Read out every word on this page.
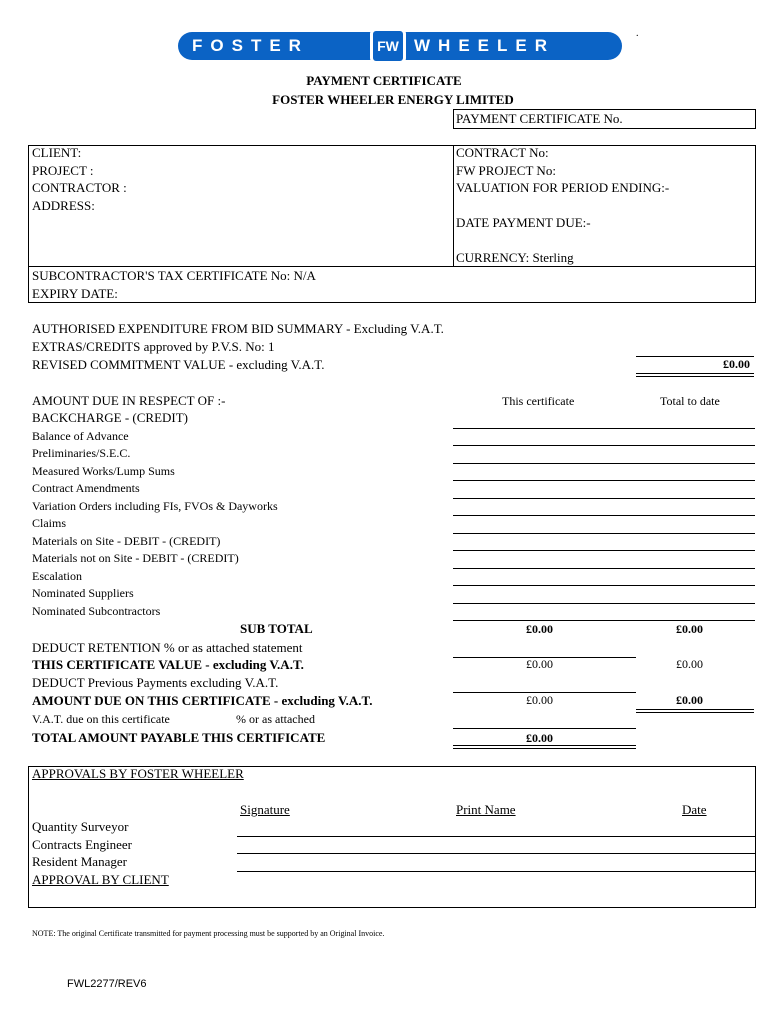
FOSTER	FW WHEELER
.
PAYMENT CERTIFICATE
FOSTER WHEELER ENERGY LIMITED
PAYMENT CERTIFICATE No.
CLIENT:
PROJECT :
CONTRACTOR :
ADDRESS:
CONTRACT No:
FW PROJECT No:
VALUATION FOR PERIOD ENDING:-
DATE PAYMENT DUE:-
CURRENCY: Sterling
SUBCONTRACTOR'S TAX CERTIFICATE No: N/A
EXPIRY DATE:
AUTHORISED EXPENDITURE FROM BID SUMMARY - Excluding V.A.T.
EXTRAS/CREDITS approved by P.V.S. No: 1
REVISED COMMITMENT VALUE - excluding V.A.T.	£0.00
AMOUNT DUE IN RESPECT OF :-	This certificate	Total to date
BACKCHARGE - (CREDIT)
Balance of Advance
Preliminaries/S.E.C.
Measured Works/Lump Sums
Contract Amendments
Variation Orders including FIs, FVOs & Dayworks
Claims
Materials on Site - DEBIT - (CREDIT)
Materials not on Site - DEBIT - (CREDIT)
Escalation
Nominated Suppliers
Nominated Subcontractors
SUB TOTAL	£0.00	£0.00
DEDUCT RETENTION % or as attached statement
THIS CERTIFICATE VALUE - excluding V.A.T.	£0.00	£0.00
DEDUCT Previous Payments excluding V.A.T.
AMOUNT DUE ON THIS CERTIFICATE - excluding V.A.T.	£0.00	£0.00
V.A.T. due on this certificate	% or as attached
TOTAL AMOUNT PAYABLE THIS CERTIFICATE	£0.00
APPROVALS BY FOSTER WHEELER
Signature	Print Name	Date
Quantity Surveyor
Contracts Engineer
Resident Manager
APPROVAL BY CLIENT
NOTE: The original Certificate transmitted for payment processing must be supported by an Original Invoice.
FWL2277/REV6
